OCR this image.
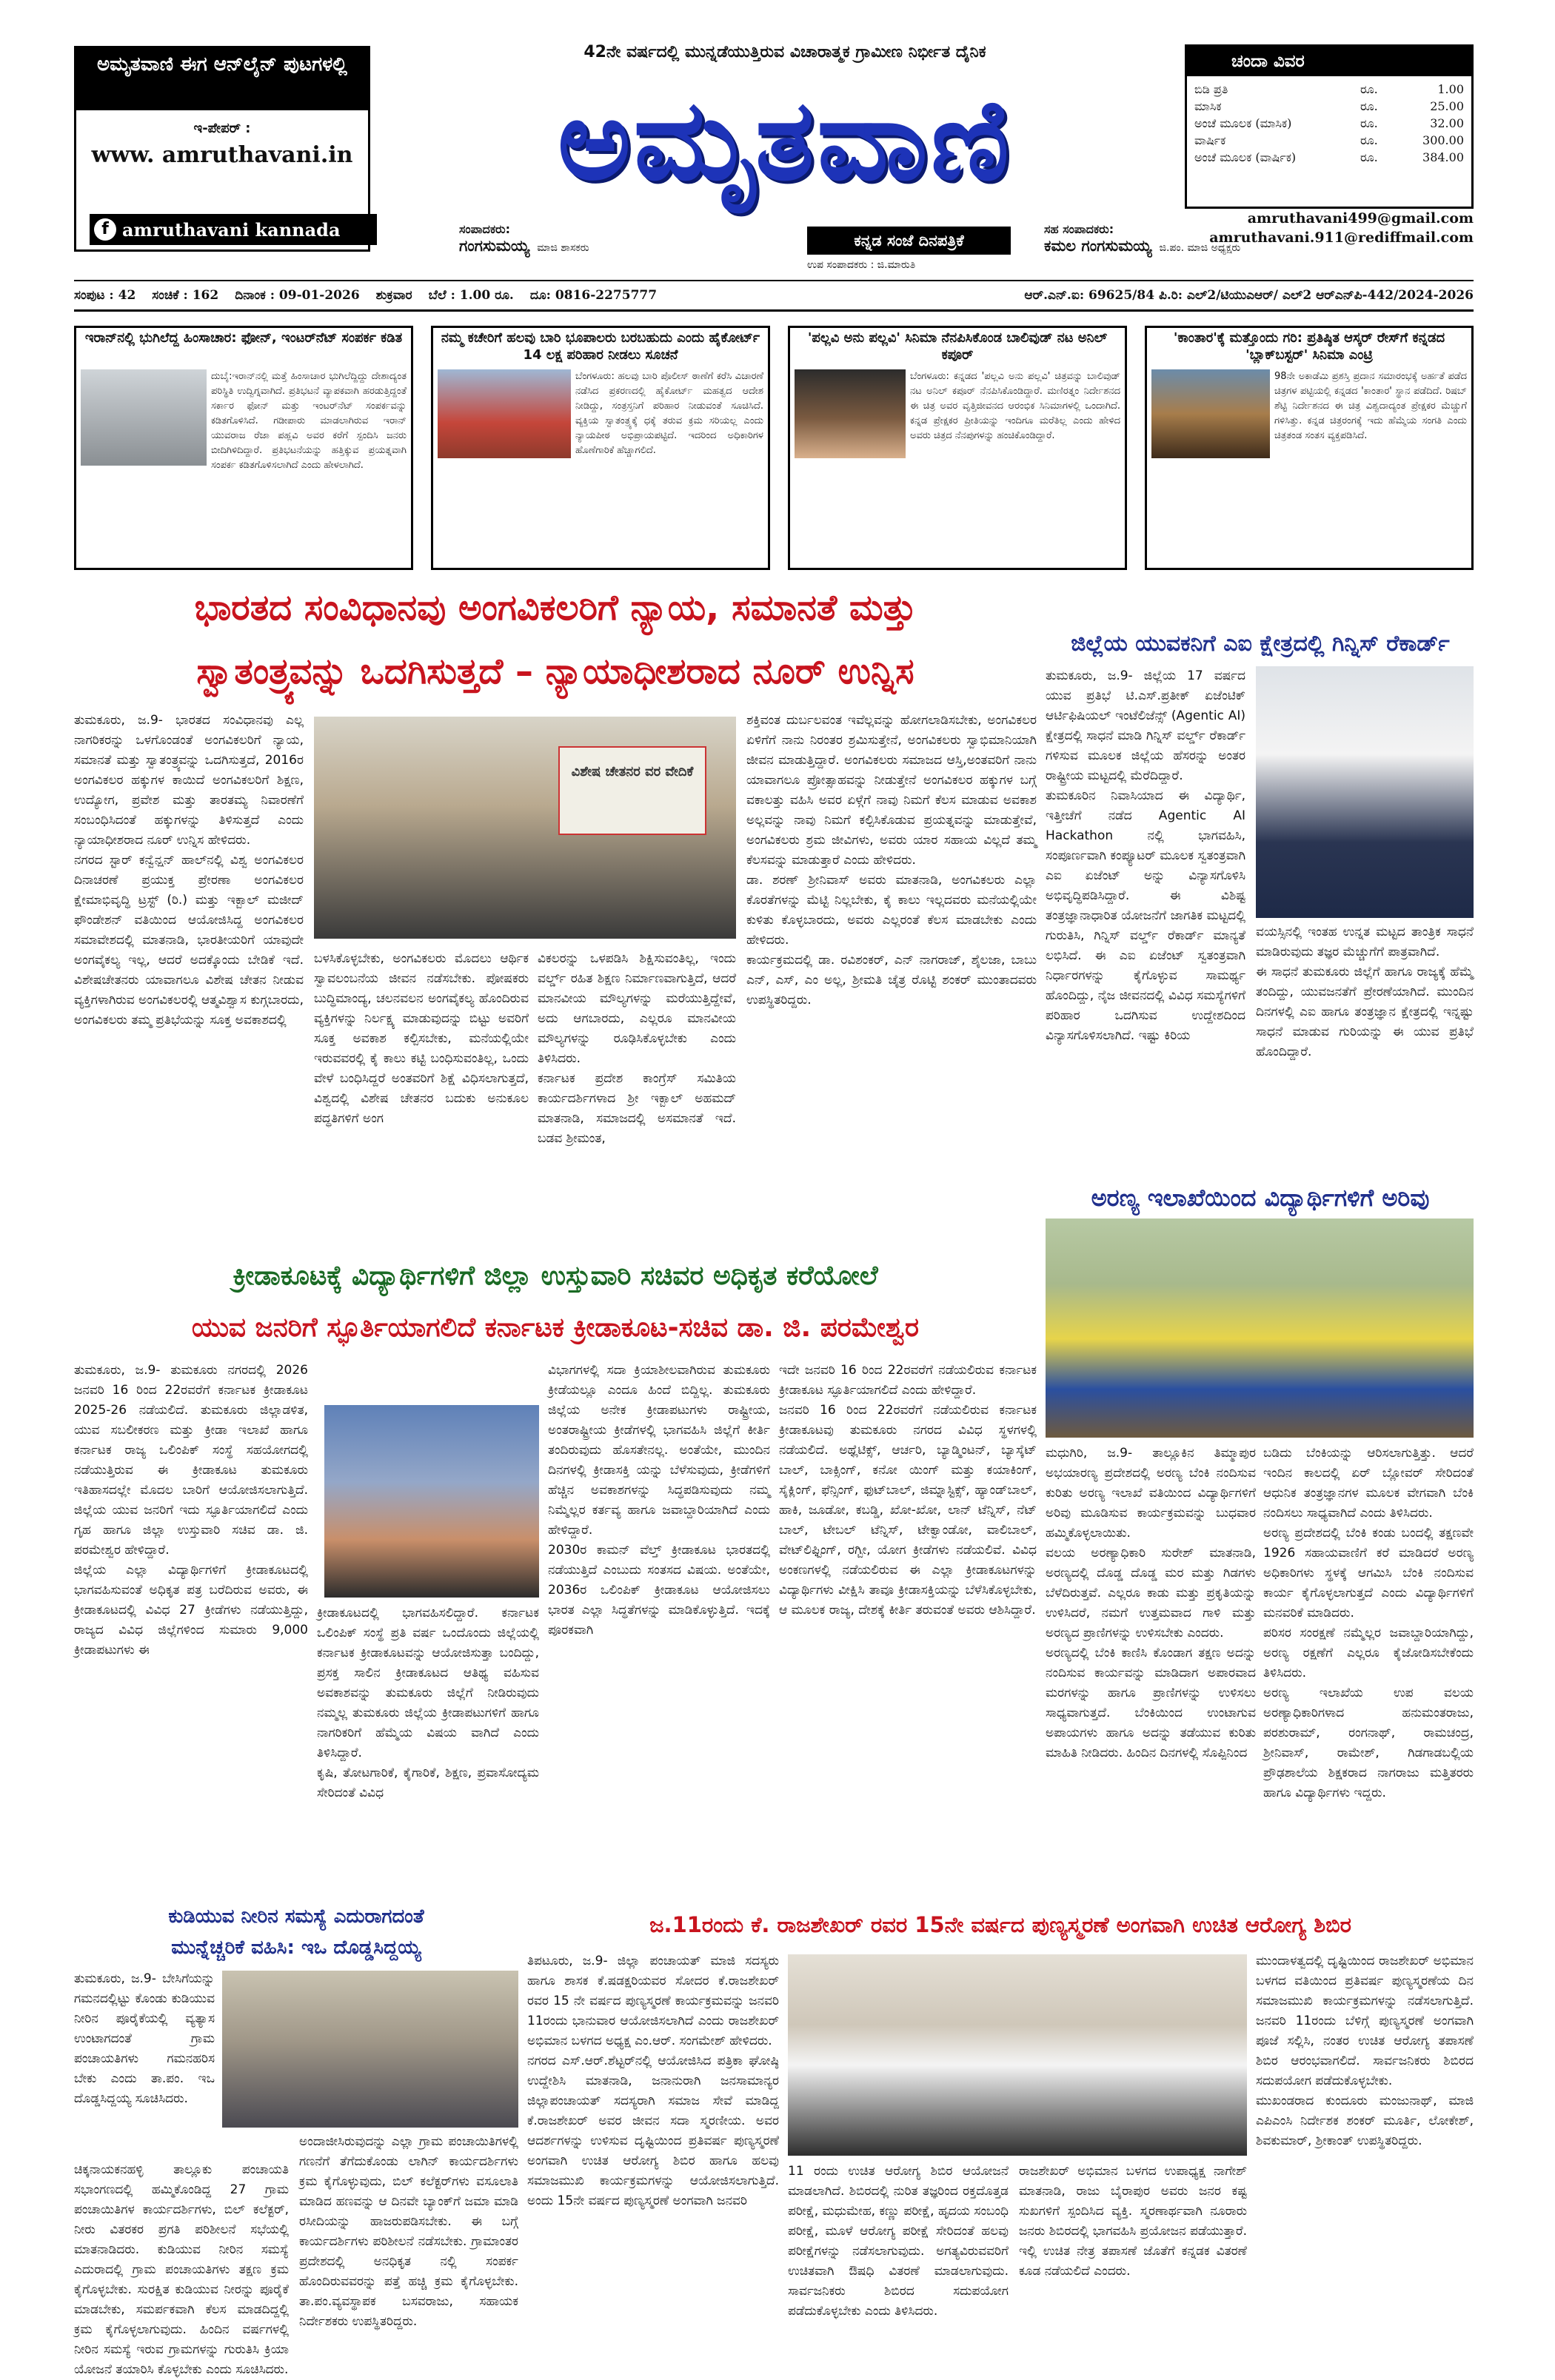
ಅಮೃತವಾಣಿ ಈಗ ಆನ್‌ಲೈನ್ ಪುಟಗಳಲ್ಲಿ
ಇ-ಪೇಪರ್ :
www. amruthavani.in
f amruthavani kannada
42ನೇ ವರ್ಷದಲ್ಲಿ ಮುನ್ನಡೆಯುತ್ತಿರುವ ವಿಚಾರಾತ್ಮಕ ಗ್ರಾಮೀಣ ನಿರ್ಭೀತ ದೈನಿಕ
ಅಮೃತವಾಣಿ
ಸಂಪಾದಕರು:
ಗಂಗಸುಮಯ್ಯ ಮಾಜಿ ಶಾಸಕರು	ಕನ್ನಡ ಸಂಜೆ ದಿನಪತ್ರಿಕೆ
ಉಪ ಸಂಪಾದಕರು : ಜಿ.ಮಾರುತಿ
ಸಹ ಸಂಪಾದಕರು:
ಕಮಲ ಗಂಗಸುಮಯ್ಯ ಜಿ.ಪಂ. ಮಾಜಿ ಅಧ್ಯಕ್ಷರು
ಚಂದಾ ವಿವರ
ಬಿಡಿ ಪ್ರತಿ	ರೂ.	1.00
ಮಾಸಿಕ	ರೂ.	25.00
ಅಂಚೆ ಮೂಲಕ (ಮಾಸಿಕ)	ರೂ.	32.00
ವಾರ್ಷಿಕ	ರೂ.	300.00
ಅಂಚೆ ಮೂಲಕ (ವಾರ್ಷಿಕ)	ರೂ.	384.00
amruthavani499@gmail.com
amruthavani.911@rediffmail.com
ಸಂಪುಟ : 42 ಸಂಚಿಕೆ : 162 ದಿನಾಂಕ : 09-01-2026 ಶುಕ್ರವಾರ ಬೆಲೆ : 1.00 ರೂ. ದೂ: 0816-2275777	ಆರ್.ಎನ್.ಐ: 69625/84 ಪಿ.ರಿ: ಎಲ್2/ಟಿಯುಎಆರ್/ ಎಲ್2 ಆರ್‌ಎನ್‌ಪಿ-442/2024-2026
ಇರಾನ್‌ನಲ್ಲಿ ಭುಗಿಲೆದ್ದ ಹಿಂಸಾಚಾರ: ಫೋನ್, ಇಂಟರ್‌ನೆಟ್ ಸಂಪರ್ಕ ಕಡಿತ
ದುಬೈ:ಇರಾನ್‌ನಲ್ಲಿ ಮತ್ತೆ ಹಿಂಸಾಚಾರ ಭುಗಿಲೆದ್ದಿದ್ದು ದೇಶಾದ್ಯಂತ ಪರಿಸ್ಥಿತಿ ಉದ್ವಿಗ್ನವಾಗಿದೆ. ಪ್ರತಿಭಟನೆ ವ್ಯಾಪಕವಾಗಿ ಹರಡುತ್ತಿದ್ದಂತೆ ಸರ್ಕಾರ ಫೋನ್ ಮತ್ತು ಇಂಟರ್‌ನೆಟ್ ಸಂಪರ್ಕವನ್ನು ಕಡಿತಗೊಳಿಸಿದೆ. ಗಡೀಪಾರು ಮಾಡಲಾಗಿರುವ ಇರಾನ್ ಯುವರಾಜ ರೆಜಾ ಪಹ್ಲವಿ ಅವರ ಕರೆಗೆ ಸ್ಪಂದಿಸಿ ಜನರು ಬೀದಿಗಿಳಿದಿದ್ದಾರೆ. ಪ್ರತಿಭಟನೆಯನ್ನು ಹತ್ತಿಕ್ಕುವ ಪ್ರಯತ್ನವಾಗಿ ಸಂಪರ್ಕ ಕಡಿತಗೊಳಿಸಲಾಗಿದೆ ಎಂದು ಹೇಳಲಾಗಿದೆ.
ನಮ್ಮ ಕಚೇರಿಗೆ ಹಲವು ಬಾರಿ ಭೂಪಾಲರು ಬರಬಹುದು ಎಂದು ಹೈಕೋರ್ಟ್ 14 ಲಕ್ಷ ಪರಿಹಾರ ನೀಡಲು ಸೂಚನೆ
ಬೆಂಗಳೂರು: ಹಲವು ಬಾರಿ ಪೊಲೀಸ್ ಠಾಣೆಗೆ ಕರೆಸಿ ವಿಚಾರಣೆ ನಡೆಸಿದ ಪ್ರಕರಣದಲ್ಲಿ ಹೈಕೋರ್ಟ್ ಮಹತ್ವದ ಆದೇಶ ನೀಡಿದ್ದು, ಸಂತ್ರಸ್ತನಿಗೆ ಪರಿಹಾರ ನೀಡುವಂತೆ ಸೂಚಿಸಿದೆ. ವ್ಯಕ್ತಿಯ ಸ್ವಾತಂತ್ರ್ಯಕ್ಕೆ ಧಕ್ಕೆ ತರುವ ಕ್ರಮ ಸರಿಯಲ್ಲ ಎಂದು ನ್ಯಾಯಪೀಠ ಅಭಿಪ್ರಾಯಪಟ್ಟಿದೆ. ಇದರಿಂದ ಅಧಿಕಾರಿಗಳ ಹೊಣೆಗಾರಿಕೆ ಹೆಚ್ಚಾಗಲಿದೆ.
'ಪಲ್ಲವಿ ಅನು ಪಲ್ಲವಿ' ಸಿನಿಮಾ ನೆನಪಿಸಿಕೊಂಡ ಬಾಲಿವುಡ್ ನಟ ಅನಿಲ್ ಕಪೂರ್
ಬೆಂಗಳೂರು: ಕನ್ನಡದ 'ಪಲ್ಲವಿ ಅನು ಪಲ್ಲವಿ' ಚಿತ್ರವನ್ನು ಬಾಲಿವುಡ್ ನಟ ಅನಿಲ್ ಕಪೂರ್ ನೆನಪಿಸಿಕೊಂಡಿದ್ದಾರೆ. ಮಣಿರತ್ನಂ ನಿರ್ದೇಶನದ ಈ ಚಿತ್ರ ಅವರ ವೃತ್ತಿಜೀವನದ ಆರಂಭಿಕ ಸಿನಿಮಾಗಳಲ್ಲಿ ಒಂದಾಗಿದೆ. ಕನ್ನಡ ಪ್ರೇಕ್ಷಕರ ಪ್ರೀತಿಯನ್ನು ಇಂದಿಗೂ ಮರೆತಿಲ್ಲ ಎಂದು ಹೇಳಿದ ಅವರು ಚಿತ್ರದ ನೆನಪುಗಳನ್ನು ಹಂಚಿಕೊಂಡಿದ್ದಾರೆ.
'ಕಾಂತಾರ'ಕ್ಕೆ ಮತ್ತೊಂದು ಗರಿ: ಪ್ರತಿಷ್ಠಿತ ಆಸ್ಕರ್ ರೇಸ್‌ಗೆ ಕನ್ನಡದ 'ಬ್ಲಾಕ್‌ಬಸ್ಟರ್' ಸಿನಿಮಾ ಎಂಟ್ರಿ
98ನೇ ಅಕಾಡೆಮಿ ಪ್ರಶಸ್ತಿ ಪ್ರದಾನ ಸಮಾರಂಭಕ್ಕೆ ಅರ್ಹತೆ ಪಡೆದ ಚಿತ್ರಗಳ ಪಟ್ಟಿಯಲ್ಲಿ ಕನ್ನಡದ 'ಕಾಂತಾರ' ಸ್ಥಾನ ಪಡೆದಿದೆ. ರಿಷಬ್ ಶೆಟ್ಟಿ ನಿರ್ದೇಶನದ ಈ ಚಿತ್ರ ವಿಶ್ವದಾದ್ಯಂತ ಪ್ರೇಕ್ಷಕರ ಮೆಚ್ಚುಗೆ ಗಳಿಸಿತ್ತು. ಕನ್ನಡ ಚಿತ್ರರಂಗಕ್ಕೆ ಇದು ಹೆಮ್ಮೆಯ ಸಂಗತಿ ಎಂದು ಚಿತ್ರತಂಡ ಸಂತಸ ವ್ಯಕ್ತಪಡಿಸಿದೆ.
ಭಾರತದ ಸಂವಿಧಾನವು ಅಂಗವಿಕಲರಿಗೆ ನ್ಯಾಯ, ಸಮಾನತೆ ಮತ್ತು
ಸ್ವಾತಂತ್ರ್ಯವನ್ನು ಒದಗಿಸುತ್ತದೆ – ನ್ಯಾಯಾಧೀಶರಾದ ನೂರ್ ಉನ್ನಿಸ

ತುಮಕೂರು, ಜ.9- ಭಾರತದ ಸಂವಿಧಾನವು ಎಲ್ಲ ನಾಗರಿಕರನ್ನು ಒಳಗೊಂಡಂತೆ ಅಂಗವಿಕಲರಿಗೆ ನ್ಯಾಯ, ಸಮಾನತೆ ಮತ್ತು ಸ್ವಾತಂತ್ರ್ಯವನ್ನು ಒದಗಿಸುತ್ತದೆ, 2016ರ ಅಂಗವಿಕಲರ ಹಕ್ಕುಗಳ ಕಾಯಿದೆ ಅಂಗವಿಕಲರಿಗೆ ಶಿಕ್ಷಣ, ಉದ್ಯೋಗ, ಪ್ರವೇಶ ಮತ್ತು ತಾರತಮ್ಯ ನಿವಾರಣೆಗೆ ಸಂಬಂಧಿಸಿದಂತೆ ಹಕ್ಕುಗಳನ್ನು ತಿಳಿಸುತ್ತದೆ ಎಂದು ನ್ಯಾಯಾಧೀಶರಾದ ನೂರ್ ಉನ್ನಿಸ ಹೇಳಿದರು.
ನಗರದ ಸ್ಟಾರ್ ಕನ್ವೆನ್ಷನ್ ಹಾಲ್‌ನಲ್ಲಿ ವಿಶ್ವ ಅಂಗವಿಕಲರ ದಿನಾಚರಣೆ ಪ್ರಯುಕ್ತ ಪ್ರೇರಣಾ ಅಂಗವಿಕಲರ ಕ್ಷೇಮಾಭಿವೃದ್ಧಿ ಟ್ರಸ್ಟ್ (ರಿ.) ಮತ್ತು ಇಕ್ಬಾಲ್ ಮಜೀದ್ ಫೌಂಡೇಶನ್ ವತಿಯಿಂದ ಆಯೋಜಿಸಿದ್ದ ಅಂಗವಿಕಲರ ಸಮಾವೇಶದಲ್ಲಿ ಮಾತನಾಡಿ, ಭಾರತೀಯರಿಗೆ ಯಾವುದೇ ಅಂಗವೈಕಲ್ಯ ಇಲ್ಲ, ಆದರೆ ಅದಕ್ಕೊಂದು ಬೇಡಿಕೆ ಇದೆ. ವಿಶೇಷಚೇತನರು ಯಾವಾಗಲೂ ವಿಶೇಷ ಚೇತನ ನೀಡುವ ವ್ಯಕ್ತಿಗಳಾಗಿರುವ ಅಂಗವಿಕಲರಲ್ಲಿ ಆತ್ಮವಿಶ್ವಾಸ ಕುಗ್ಗಬಾರದು, ಅಂಗವಿಕಲರು ತಮ್ಮ ಪ್ರತಿಭೆಯನ್ನು ಸೂಕ್ತ ಅವಕಾಶದಲ್ಲಿ

ವಿಶೇಷ ಚೇತನರ ವರ ವೇದಿಕೆ

ಬಳಸಿಕೊಳ್ಳಬೇಕು, ಅಂಗವಿಕಲರು ಮೊದಲು ಆರ್ಥಿಕ ಸ್ವಾವಲಂಬನೆಯ ಜೀವನ ನಡೆಸಬೇಕು. ಪೋಷಕರು ಬುದ್ಧಿಮಾಂದ್ಯ, ಚಲನವಲನ ಅಂಗವೈಕಲ್ಯ ಹೊಂದಿರುವ ವ್ಯಕ್ತಿಗಳನ್ನು ನಿರ್ಲಕ್ಷ್ಯ ಮಾಡುವುದನ್ನು ಬಿಟ್ಟು ಅವರಿಗೆ ಸೂಕ್ತ ಅವಕಾಶ ಕಲ್ಪಿಸಬೇಕು, ಮನೆಯಲ್ಲಿಯೇ ಇರುವವರಲ್ಲಿ ಕೈ ಕಾಲು ಕಟ್ಟಿ ಬಂಧಿಸುವಂತಿಲ್ಲ, ಒಂದು ವೇಳೆ ಬಂಧಿಸಿದ್ದರೆ ಅಂತವರಿಗೆ ಶಿಕ್ಷೆ ವಿಧಿಸಲಾಗುತ್ತದೆ, ವಿಶ್ವದಲ್ಲಿ ವಿಶೇಷ ಚೇತನರ ಬದುಕು ಅನುಕೂಲ ಪದ್ಧತಿಗಳಿಗೆ ಅಂಗ

ವಿಕಲರನ್ನು ಒಳಪಡಿಸಿ ಶಿಕ್ಷಿಸುವಂತಿಲ್ಲ, ಇಂದು ವರ್ಲ್ಡ್ ರಹಿತ ಶಿಕ್ಷಣ ನಿರ್ಮಾಣವಾಗುತ್ತಿದೆ, ಆದರೆ ಮಾನವೀಯ ಮೌಲ್ಯಗಳನ್ನು ಮರೆಯುತ್ತಿದ್ದೇವೆ, ಅದು ಆಗಬಾರದು, ಎಲ್ಲರೂ ಮಾನವೀಯ ಮೌಲ್ಯಗಳನ್ನು ರೂಢಿಸಿಕೊಳ್ಳಬೇಕು ಎಂದು ತಿಳಿಸಿದರು.
ಕರ್ನಾಟಕ ಪ್ರದೇಶ ಕಾಂಗ್ರೆಸ್ ಸಮಿತಿಯ ಕಾರ್ಯದರ್ಶಿಗಳಾದ ಶ್ರೀ ಇಕ್ಬಾಲ್ ಅಹಮದ್ ಮಾತನಾಡಿ, ಸಮಾಜದಲ್ಲಿ ಅಸಮಾನತೆ ಇದೆ. ಬಡವ ಶ್ರೀಮಂತ,

ಶಕ್ತಿವಂತ ದುರ್ಬಲವಂತ ಇವೆಲ್ಲವನ್ನು ಹೋಗಲಾಡಿಸಬೇಕು, ಅಂಗವಿಕಲರ ಏಳಿಗೆಗೆ ನಾನು ನಿರಂತರ ಶ್ರಮಿಸುತ್ತೇನೆ, ಅಂಗವಿಕಲರು ಸ್ವಾಭಿಮಾನಿಯಾಗಿ ಜೀವನ ಮಾಡುತ್ತಿದ್ದಾರೆ. ಅಂಗವಿಕಲರು ಸಮಾಜದ ಆಸ್ತಿ,ಅಂತವರಿಗೆ ನಾನು ಯಾವಾಗಲೂ ಪ್ರೋತ್ಸಾಹವನ್ನು ನೀಡುತ್ತೇನೆ ಅಂಗವಿಕಲರ ಹಕ್ಕುಗಳ ಬಗ್ಗೆ ವಕಾಲತ್ತು ವಹಿಸಿ ಅವರ ಏಳ್ಗೆಗೆ ನಾವು ನಿಮಗೆ ಕೆಲಸ ಮಾಡುವ ಅವಕಾಶ ಅಲ್ಲವನ್ನು ನಾವು ನಿಮಗೆ ಕಲ್ಪಿಸಿಕೊಡುವ ಪ್ರಯತ್ನವನ್ನು ಮಾಡುತ್ತೇವೆ, ಅಂಗವಿಕಲರು ಶ್ರಮ ಜೀವಿಗಳು, ಅವರು ಯಾರ ಸಹಾಯ ವಿಲ್ಲದೆ ತಮ್ಮ ಕೆಲಸವನ್ನು ಮಾಡುತ್ತಾರೆ ಎಂದು ಹೇಳಿದರು.
ಡಾ. ಶರಣ್ ಶ್ರೀನಿವಾಸ್ ಅವರು ಮಾತನಾಡಿ, ಅಂಗವಿಕಲರು ಎಲ್ಲಾ ಕೊರತೆಗಳನ್ನು ಮೆಟ್ಟಿ ನಿಲ್ಲಬೇಕು, ಕೈ ಕಾಲು ಇಲ್ಲದವರು ಮನೆಯಲ್ಲಿಯೇ ಕುಳಿತು ಕೊಳ್ಳಬಾರದು, ಅವರು ಎಲ್ಲರಂತೆ ಕೆಲಸ ಮಾಡಬೇಕು ಎಂದು ಹೇಳಿದರು.
ಕಾರ್ಯಕ್ರಮದಲ್ಲಿ ಡಾ. ರವಿಶಂಕರ್, ಎನ್ ನಾಗರಾಜ್, ಶೈಲಜಾ, ಬಾಬು ಎನ್, ಎಸ್, ಎಂ ಅಲ್ಲ, ಶ್ರೀಮತಿ ಚೈತ್ರ ರೊಟ್ಟಿ ಶಂಕರ್ ಮುಂತಾದವರು ಉಪಸ್ಥಿತರಿದ್ದರು.

ಜಿಲ್ಲೆಯ ಯುವಕನಿಗೆ ಎಐ ಕ್ಷೇತ್ರದಲ್ಲಿ ಗಿನ್ನಿಸ್ ರೆಕಾರ್ಡ್

ತುಮಕೂರು, ಜ.9- ಜಿಲ್ಲೆಯ 17 ವರ್ಷದ ಯುವ ಪ್ರತಿಭೆ ಟಿ.ಎಸ್.ಪ್ರತೀಕ್ ಏಜೆಂಟಿಕ್ ಆರ್ಟಿಫಿಷಿಯಲ್ ಇಂಟೆಲಿಜೆನ್ಸ್ (Agentic AI) ಕ್ಷೇತ್ರದಲ್ಲಿ ಸಾಧನೆ ಮಾಡಿ ಗಿನ್ನಿಸ್ ವರ್ಲ್ಡ್ ರೆಕಾರ್ಡ್ ಗಳಿಸುವ ಮೂಲಕ ಜಿಲ್ಲೆಯ ಹೆಸರನ್ನು ಅಂತರ ರಾಷ್ಟ್ರೀಯ ಮಟ್ಟದಲ್ಲಿ ಮೆರೆದಿದ್ದಾರೆ.
ತುಮಕೂರಿನ ನಿವಾಸಿಯಾದ ಈ ವಿದ್ಯಾರ್ಥಿ, ಇತ್ತೀಚೆಗೆ ನಡೆದ Agentic AI Hackathon ನಲ್ಲಿ ಭಾಗವಹಿಸಿ, ಸಂಪೂರ್ಣವಾಗಿ ಕಂಪ್ಯೂಟರ್ ಮೂಲಕ ಸ್ವತಂತ್ರವಾಗಿ ಎಐ ಏಜೆಂಟ್ ಅನ್ನು ವಿನ್ಯಾಸಗೊಳಿಸಿ ಅಭಿವೃದ್ಧಿಪಡಿಸಿದ್ದಾರೆ. ಈ ವಿಶಿಷ್ಟ ತಂತ್ರಜ್ಞಾನಾಧಾರಿತ ಯೋಜನೆಗೆ ಜಾಗತಿಕ ಮಟ್ಟದಲ್ಲಿ ಗುರುತಿಸಿ, ಗಿನ್ನಿಸ್ ವರ್ಲ್ಡ್ ರೆಕಾರ್ಡ್ ಮಾನ್ಯತೆ ಲಭಿಸಿದೆ. ಈ ಎಐ ಏಜೆಂಟ್ ಸ್ವತಂತ್ರವಾಗಿ ನಿರ್ಧಾರಗಳನ್ನು ಕೈಗೊಳ್ಳುವ ಸಾಮರ್ಥ್ಯ ಹೊಂದಿದ್ದು, ನೈಜ ಜೀವನದಲ್ಲಿ ವಿವಿಧ ಸಮಸ್ಯೆಗಳಿಗೆ ಪರಿಹಾರ ಒದಗಿಸುವ ಉದ್ದೇಶದಿಂದ ವಿನ್ಯಾಸಗೊಳಿಸಲಾಗಿದೆ. ಇಷ್ಟು ಕಿರಿಯ

ವಯಸ್ಸಿನಲ್ಲಿ ಇಂತಹ ಉನ್ನತ ಮಟ್ಟದ ತಾಂತ್ರಿಕ ಸಾಧನೆ ಮಾಡಿರುವುದು ತಜ್ಞರ ಮೆಚ್ಚುಗೆಗೆ ಪಾತ್ರವಾಗಿದೆ.
ಈ ಸಾಧನೆ ತುಮಕೂರು ಜಿಲ್ಲೆಗೆ ಹಾಗೂ ರಾಜ್ಯಕ್ಕೆ ಹೆಮ್ಮೆ ತಂದಿದ್ದು, ಯುವಜನತೆಗೆ ಪ್ರೇರಣೆಯಾಗಿದೆ. ಮುಂದಿನ ದಿನಗಳಲ್ಲಿ ಎಐ ಹಾಗೂ ತಂತ್ರಜ್ಞಾನ ಕ್ಷೇತ್ರದಲ್ಲಿ ಇನ್ನಷ್ಟು ಸಾಧನೆ ಮಾಡುವ ಗುರಿಯನ್ನು ಈ ಯುವ ಪ್ರತಿಭೆ ಹೊಂದಿದ್ದಾರೆ.

ಅರಣ್ಯ ಇಲಾಖೆಯಿಂದ ವಿದ್ಯಾರ್ಥಿಗಳಿಗೆ ಅರಿವು

ಮಧುಗಿರಿ, ಜ.9- ತಾಲ್ಲೂಕಿನ ತಿಮ್ಮಾಪುರ ಅಭಯಾರಣ್ಯ ಪ್ರದೇಶದಲ್ಲಿ ಅರಣ್ಯ ಬೆಂಕಿ ನಂದಿಸುವ ಕುರಿತು ಅರಣ್ಯ ಇಲಾಖೆ ವತಿಯಿಂದ ವಿದ್ಯಾರ್ಥಿಗಳಿಗೆ ಅರಿವು ಮೂಡಿಸುವ ಕಾರ್ಯಕ್ರಮವನ್ನು ಬುಧವಾರ ಹಮ್ಮಿಕೊಳ್ಳಲಾಯಿತು.
ವಲಯ ಅರಣ್ಯಾಧಿಕಾರಿ ಸುರೇಶ್ ಮಾತನಾಡಿ, ಅರಣ್ಯದಲ್ಲಿ ದೊಡ್ಡ ದೊಡ್ಡ ಮರ ಮತ್ತು ಗಿಡಗಳು ಬೆಳೆದಿರುತ್ತವೆ. ಎಲ್ಲರೂ ಕಾಡು ಮತ್ತು ಪ್ರಕೃತಿಯನ್ನು ಉಳಿಸಿದರೆ, ನಮಗೆ ಉತ್ತಮವಾದ ಗಾಳಿ ಮತ್ತು ಅರಣ್ಯದ ಪ್ರಾಣಿಗಳನ್ನು ಉಳಿಸಬೇಕು ಎಂದರು.
ಅರಣ್ಯದಲ್ಲಿ ಬೆಂಕಿ ಕಾಣಿಸಿ ಕೊಂಡಾಗ ತಕ್ಷಣ ಅದನ್ನು ನಂದಿಸುವ ಕಾರ್ಯವನ್ನು ಮಾಡಿದಾಗ ಅಪಾರವಾದ ಮರಗಳನ್ನು ಹಾಗೂ ಪ್ರಾಣಿಗಳನ್ನು ಉಳಿಸಲು ಸಾಧ್ಯವಾಗುತ್ತದೆ. ಬೆಂಕಿಯಿಂದ ಉಂಟಾಗುವ ಅಪಾಯಗಳು ಹಾಗೂ ಅದನ್ನು ತಡೆಯುವ ಕುರಿತು ಮಾಹಿತಿ ನೀಡಿದರು. ಹಿಂದಿನ ದಿನಗಳಲ್ಲಿ ಸೊಪ್ಪಿನಿಂದ

ಬಡಿದು ಬೆಂಕಿಯನ್ನು ಆರಿಸಲಾಗುತ್ತಿತ್ತು. ಆದರೆ ಇಂದಿನ ಕಾಲದಲ್ಲಿ ಏರ್ ಬ್ಲೋವರ್ ಸೇರಿದಂತೆ ಆಧುನಿಕ ತಂತ್ರಜ್ಞಾನಗಳ ಮೂಲಕ ವೇಗವಾಗಿ ಬೆಂಕಿ ನಂದಿಸಲು ಸಾಧ್ಯವಾಗಿದೆ ಎಂದು ತಿಳಿಸಿದರು.
ಅರಣ್ಯ ಪ್ರದೇಶದಲ್ಲಿ ಬೆಂಕಿ ಕಂಡು ಬಂದಲ್ಲಿ ತಕ್ಷಣವೇ 1926 ಸಹಾಯವಾಣಿಗೆ ಕರೆ ಮಾಡಿದರೆ ಅರಣ್ಯ ಅಧಿಕಾರಿಗಳು ಸ್ಥಳಕ್ಕೆ ಆಗಮಿಸಿ ಬೆಂಕಿ ನಂದಿಸುವ ಕಾರ್ಯ ಕೈಗೊಳ್ಳಲಾಗುತ್ತದೆ ಎಂದು ವಿದ್ಯಾರ್ಥಿಗಳಿಗೆ ಮನವರಿಕೆ ಮಾಡಿದರು.
ಪರಿಸರ ಸಂರಕ್ಷಣೆ ನಮ್ಮೆಲ್ಲರ ಜವಾಬ್ದಾರಿಯಾಗಿದ್ದು, ಅರಣ್ಯ ರಕ್ಷಣೆಗೆ ಎಲ್ಲರೂ ಕೈಜೋಡಿಸಬೇಕೆಂದು ತಿಳಿಸಿದರು.
ಅರಣ್ಯ ಇಲಾಖೆಯ ಉಪ ವಲಯ ಅರಣ್ಯಾಧಿಕಾರಿಗಳಾದ ಹನುಮಂತರಾಜು, ಪರಶುರಾಮ್, ರಂಗನಾಥ್, ರಾಮಚಂದ್ರ, ಶ್ರೀನಿವಾಸ್, ರಾಮೇಶ್, ಗಿಡಗಾಡಬಲ್ಲಿಯ ಪ್ರೌಢಶಾಲೆಯ ಶಿಕ್ಷಕರಾದ ನಾಗರಾಜು ಮತ್ತಿತರರು ಹಾಗೂ ವಿದ್ಯಾರ್ಥಿಗಳು ಇದ್ದರು.

ಕ್ರೀಡಾಕೂಟಕ್ಕೆ ವಿದ್ಯಾರ್ಥಿಗಳಿಗೆ ಜಿಲ್ಲಾ ಉಸ್ತುವಾರಿ ಸಚಿವರ ಅಧಿಕೃತ ಕರೆಯೋಲೆ
ಯುವ ಜನರಿಗೆ ಸ್ಫೂರ್ತಿಯಾಗಲಿದೆ ಕರ್ನಾಟಕ ಕ್ರೀಡಾಕೂಟ-ಸಚಿವ ಡಾ. ಜಿ. ಪರಮೇಶ್ವರ

ತುಮಕೂರು, ಜ.9- ತುಮಕೂರು ನಗರದಲ್ಲಿ 2026 ಜನವರಿ 16 ರಿಂದ 22ರವರೆಗೆ ಕರ್ನಾಟಕ ಕ್ರೀಡಾಕೂಟ 2025-26 ನಡೆಯಲಿದೆ. ತುಮಕೂರು ಜಿಲ್ಲಾಡಳಿತ, ಯುವ ಸಬಲೀಕರಣ ಮತ್ತು ಕ್ರೀಡಾ ಇಲಾಖೆ ಹಾಗೂ ಕರ್ನಾಟಕ ರಾಜ್ಯ ಒಲಿಂಪಿಕ್ ಸಂಸ್ಥೆ ಸಹಯೋಗದಲ್ಲಿ ನಡೆಯುತ್ತಿರುವ ಈ ಕ್ರೀಡಾಕೂಟ ತುಮಕೂರು ಇತಿಹಾಸದಲ್ಲೇ ಮೊದಲ ಬಾರಿಗೆ ಆಯೋಜಿಸಲಾಗುತ್ತಿದೆ. ಜಿಲ್ಲೆಯ ಯುವ ಜನರಿಗೆ ಇದು ಸ್ಫೂರ್ತಿಯಾಗಲಿದೆ ಎಂದು ಗೃಹ ಹಾಗೂ ಜಿಲ್ಲಾ ಉಸ್ತುವಾರಿ ಸಚಿವ ಡಾ. ಜಿ. ಪರಮೇಶ್ವರ ಹೇಳಿದ್ದಾರೆ.
ಜಿಲ್ಲೆಯ ಎಲ್ಲಾ ವಿದ್ಯಾರ್ಥಿಗಳಿಗೆ ಕ್ರೀಡಾಕೂಟದಲ್ಲಿ ಭಾಗವಹಿಸುವಂತೆ ಅಧಿಕೃತ ಪತ್ರ ಬರೆದಿರುವ ಅವರು, ಈ ಕ್ರೀಡಾಕೂಟದಲ್ಲಿ ವಿವಿಧ 27 ಕ್ರೀಡೆಗಳು ನಡೆಯುತ್ತಿದ್ದು, ರಾಜ್ಯದ ವಿವಿಧ ಜಿಲ್ಲೆಗಳಿಂದ ಸುಮಾರು 9,000 ಕ್ರೀಡಾಪಟುಗಳು ಈ

ಕ್ರೀಡಾಕೂಟದಲ್ಲಿ ಭಾಗವಹಿಸಲಿದ್ದಾರೆ. ಕರ್ನಾಟಕ ಒಲಿಂಪಿಕ್ ಸಂಸ್ಥೆ ಪ್ರತಿ ವರ್ಷ ಒಂದೊಂದು ಜಿಲ್ಲೆಯಲ್ಲಿ ಕರ್ನಾಟಕ ಕ್ರೀಡಾಕೂಟವನ್ನು ಆಯೋಜಿಸುತ್ತಾ ಬಂದಿದ್ದು, ಪ್ರಸಕ್ತ ಸಾಲಿನ ಕ್ರೀಡಾಕೂಟದ ಆತಿಥ್ಯ ವಹಿಸುವ ಅವಕಾಶವನ್ನು ತುಮಕೂರು ಜಿಲ್ಲೆಗೆ ನೀಡಿರುವುದು ನಮ್ಮಲ್ಲ ತುಮಕೂರು ಜಿಲ್ಲೆಯ ಕ್ರೀಡಾಪಟುಗಳಿಗೆ ಹಾಗೂ ನಾಗರಿಕರಿಗೆ ಹೆಮ್ಮೆಯ ವಿಷಯ ವಾಗಿದೆ ಎಂದು ತಿಳಿಸಿದ್ದಾರೆ.
ಕೃಷಿ, ತೋಟಗಾರಿಕೆ, ಕೈಗಾರಿಕೆ, ಶಿಕ್ಷಣ, ಪ್ರವಾಸೋದ್ಯಮ ಸೇರಿದಂತೆ ವಿವಿಧ

ವಿಭಾಗಗಳಲ್ಲಿ ಸದಾ ಕ್ರಿಯಾಶೀಲವಾಗಿರುವ ತುಮಕೂರು ಕ್ರೀಡೆಯಲ್ಲೂ ಎಂದೂ ಹಿಂದೆ ಬಿದ್ದಿಲ್ಲ. ತುಮಕೂರು ಜಿಲ್ಲೆಯ ಅನೇಕ ಕ್ರೀಡಾಪಟುಗಳು ರಾಷ್ಟ್ರೀಯ, ಅಂತರಾಷ್ಟ್ರೀಯ ಕ್ರೀಡೆಗಳಲ್ಲಿ ಭಾಗವಹಿಸಿ ಜಿಲ್ಲೆಗೆ ಕೀರ್ತಿ ತಂದಿರುವುದು ಹೊಸತೇನಲ್ಲ. ಅಂತೆಯೇ, ಮುಂದಿನ ದಿನಗಳಲ್ಲಿ ಕ್ರೀಡಾಸಕ್ತಿ ಯನ್ನು ಬೆಳೆಸುವುದು, ಕ್ರೀಡೆಗಳಿಗೆ ಹೆಚ್ಚಿನ ಅವಕಾಶಗಳನ್ನು ಸಿದ್ಧಪಡಿಸುವುದು ನಮ್ಮ ನಿಮ್ಮೆಲ್ಲರ ಕರ್ತವ್ಯ ಹಾಗೂ ಜವಾಬ್ದಾರಿಯಾಗಿದೆ ಎಂದು ಹೇಳಿದ್ದಾರೆ.
2030ರ ಕಾಮನ್ ವೆಲ್ತ್ ಕ್ರೀಡಾಕೂಟ ಭಾರತದಲ್ಲಿ ನಡೆಯುತ್ತಿದೆ ಎಂಬುದು ಸಂತಸದ ವಿಷಯ. ಅಂತೆಯೇ, 2036ರ ಒಲಿಂಪಿಕ್ ಕ್ರೀಡಾಕೂಟ ಆಯೋಜಿಸಲು ಭಾರತ ಎಲ್ಲಾ ಸಿದ್ಧತೆಗಳನ್ನು ಮಾಡಿಕೊಳ್ಳುತ್ತಿದೆ. ಇದಕ್ಕೆ ಪೂರಕವಾಗಿ

ಇದೇ ಜನವರಿ 16 ರಿಂದ 22ರವರೆಗೆ ನಡೆಯಲಿರುವ ಕರ್ನಾಟಕ ಕ್ರೀಡಾಕೂಟ ಸ್ಫೂರ್ತಿಯಾಗಲಿದೆ ಎಂದು ಹೇಳಿದ್ದಾರೆ.
ಜನವರಿ 16 ರಿಂದ 22ರವರೆಗೆ ನಡೆಯಲಿರುವ ಕರ್ನಾಟಕ ಕ್ರೀಡಾಕೂಟವು ತುಮಕೂರು ನಗರದ ವಿವಿಧ ಸ್ಥಳಗಳಲ್ಲಿ ನಡೆಯಲಿದೆ. ಅಥ್ಲೆಟಿಕ್ಸ್, ಆರ್ಚರಿ, ಬ್ಯಾಡ್ಮಿಂಟನ್, ಬ್ಯಾಸ್ಕೆಟ್ ಬಾಲ್, ಬಾಕ್ಸಿಂಗ್, ಕನೋ ಯಿಂಗ್ ಮತ್ತು ಕಯಾಕಿಂಗ್, ಸೈಕ್ಲಿಂಗ್, ಫೆನ್ಸಿಂಗ್, ಫುಟ್‌ಬಾಲ್, ಜಿಮ್ನಾಸ್ಟಿಕ್ಸ್, ಹ್ಯಾಂಡ್‌ಬಾಲ್, ಹಾಕಿ, ಜೂಡೋ, ಕಬಡ್ಡಿ, ಖೋ-ಖೋ, ಲಾನ್ ಟೆನ್ನಿಸ್, ನೆಟ್ ಬಾಲ್, ಟೇಬಲ್ ಟೆನ್ನಿಸ್, ಟೇಕ್ವಾಂಡೋ, ವಾಲಿಬಾಲ್, ವೇಟ್‌ಲಿಫ್ಟಿಂಗ್, ರಗ್ಬೀ, ಯೋಗ ಕ್ರೀಡೆಗಳು ನಡೆಯಲಿವೆ. ವಿವಿಧ ಅಂಕಣಗಳಲ್ಲಿ ನಡೆಯಲಿರುವ ಈ ಎಲ್ಲಾ ಕ್ರೀಡಾಕೂಟಗಳನ್ನು ವಿದ್ಯಾರ್ಥಿಗಳು ವೀಕ್ಷಿಸಿ ತಾವೂ ಕ್ರೀಡಾಸಕ್ತಿಯನ್ನು ಬೆಳೆಸಿಕೊಳ್ಳಬೇಕು, ಆ ಮೂಲಕ ರಾಜ್ಯ, ದೇಶಕ್ಕೆ ಕೀರ್ತಿ ತರುವಂತೆ ಅವರು ಆಶಿಸಿದ್ದಾರೆ.

ಕುಡಿಯುವ ನೀರಿನ ಸಮಸ್ಯೆ ಎದುರಾಗದಂತೆ
ಮುನ್ನೆಚ್ಚರಿಕೆ ವಹಿಸಿ: ಇಒ ದೊಡ್ಡಸಿದ್ದಯ್ಯ

ತುಮಕೂರು, ಜ.9- ಬೇಸಿಗೆಯನ್ನು ಗಮನದಲ್ಲಿಟ್ಟು ಕೊಂಡು ಕುಡಿಯುವ ನೀರಿನ ಪೂರೈಕೆಯಲ್ಲಿ ವ್ಯತ್ಯಾಸ ಉಂಟಾಗದಂತೆ ಗ್ರಾಮ ಪಂಚಾಯತಿಗಳು ಗಮನಹರಿಸ ಬೇಕು ಎಂದು ತಾ.ಪಂ. ಇಒ ದೊಡ್ಡಸಿದ್ದಯ್ಯ ಸೂಚಿಸಿದರು.

ಚಿಕ್ಕನಾಯಕನಹಳ್ಳಿ ತಾಲ್ಲೂಕು ಪಂಚಾಯತಿ ಸಭಾಂಗಣದಲ್ಲಿ ಹಮ್ಮಿಕೊಂಡಿದ್ದ 27 ಗ್ರಾಮ ಪಂಚಾಯಿತಿಗಳ ಕಾರ್ಯದರ್ಶಿಗಳು, ಬಿಲ್ ಕಲೆಕ್ಟರ್, ನೀರು ವಿತರಕರ ಪ್ರಗತಿ ಪರಿಶೀಲನೆ ಸಭೆಯಲ್ಲಿ ಮಾತನಾಡಿದರು. ಕುಡಿಯುವ ನೀರಿನ ಸಮಸ್ಯೆ ಎದುರಾದಲ್ಲಿ ಗ್ರಾಮ ಪಂಚಾಯತಿಗಳು ತಕ್ಷಣ ಕ್ರಮ ಕೈಗೊಳ್ಳಬೇಕು. ಸುರಕ್ಷಿತ ಕುಡಿಯುವ ನೀರನ್ನು ಪೂರೈಕೆ ಮಾಡಬೇಕು, ಸಮರ್ಪಕವಾಗಿ ಕೆಲಸ ಮಾಡದಿದ್ದಲ್ಲಿ ಕ್ರಮ ಕೈಗೊಳ್ಳಲಾಗುವುದು. ಹಿಂದಿನ ವರ್ಷಗಳಲ್ಲಿ ನೀರಿನ ಸಮಸ್ಯೆ ಇರುವ ಗ್ರಾಮಗಳನ್ನು ಗುರುತಿಸಿ ಕ್ರಿಯಾ ಯೋಜನೆ ತಯಾರಿಸಿ ಕೊಳ್ಳಬೇಕು ಎಂದು ಸೂಚಿಸಿದರು.

ಅಂದಾಜೀಸಿರುವುದನ್ನು ಎಲ್ಲಾ ಗ್ರಾಮ ಪಂಚಾಯಿತಿಗಳಲ್ಲಿ ಗಣನೆಗೆ ತೆಗೆದುಕೊಂಡು ಲಾಗಿನ್ ಕಾರ್ಯದರ್ಶಿಗಳು ಕ್ರಮ ಕೈಗೊಳ್ಳುವುದು, ಬಿಲ್ ಕಲೆಕ್ಟರ್‌ಗಳು ವಸೂಲಾತಿ ಮಾಡಿದ ಹಣವನ್ನು ಆ ದಿನವೇ ಬ್ಯಾಂಕ್‌ಗೆ ಜಮಾ ಮಾಡಿ ರಸೀದಿಯನ್ನು ಹಾಜರುಪಡಿಸಬೇಕು. ಈ ಬಗ್ಗೆ ಕಾರ್ಯದರ್ಶಿಗಳು ಪರಿಶೀಲನೆ ನಡೆಸಬೇಕು. ಗ್ರಾಮಾಂತರ ಪ್ರದೇಶದಲ್ಲಿ ಅನಧಿಕೃತ ನಲ್ಲಿ ಸಂಪರ್ಕ ಹೊಂದಿರುವವರನ್ನು ಪತ್ತೆ ಹಚ್ಚಿ ಕ್ರಮ ಕೈಗೊಳ್ಳಬೇಕು. ತಾ.ಪಂ.ವ್ಯವಸ್ಥಾಪಕ ಬಸವರಾಜು, ಸಹಾಯಕ ನಿರ್ದೇಶಕರು ಉಪಸ್ಥಿತರಿದ್ದರು.

ಜ.11ರಂದು ಕೆ. ರಾಜಶೇಖರ್ ರವರ 15ನೇ ವರ್ಷದ ಪುಣ್ಯಸ್ಮರಣೆ ಅಂಗವಾಗಿ ಉಚಿತ ಆರೋಗ್ಯ ಶಿಬಿರ

ತಿಪಟೂರು, ಜ.9- ಜಿಲ್ಲಾ ಪಂಚಾಯತ್ ಮಾಜಿ ಸದಸ್ಯರು ಹಾಗೂ ಶಾಸಕ ಕೆ.ಷಡಕ್ಷರಿಯವರ ಸೋದರ ಕೆ.ರಾಜಶೇಖರ್ ರವರ 15 ನೇ ವರ್ಷದ ಪುಣ್ಯಸ್ಮರಣೆ ಕಾರ್ಯಕ್ರಮವನ್ನು ಜನವರಿ 11ರಂದು ಭಾನುವಾರ ಆಯೋಜಿಸಲಾಗಿದೆ ಎಂದು ರಾಜಶೇಖರ್ ಅಭಿಮಾನ ಬಳಗದ ಅಧ್ಯಕ್ಷ ಎಂ.ಆರ್. ಸಂಗಮೇಶ್ ಹೇಳಿದರು.
ನಗರದ ಎಸ್.ಆರ್.ಶೆಟ್ಟರ್‌ನಲ್ಲಿ ಆಯೋಜಿಸಿದ ಪತ್ರಿಕಾ ಘೋಷ್ಠಿ ಉದ್ದೇಶಿಸಿ ಮಾತನಾಡಿ, ಜನಾನುರಾಗಿ ಜನಸಾಮಾನ್ಯರ ಜಿಲ್ಲಾಪಂಚಾಯತ್ ಸದಸ್ಯರಾಗಿ ಸಮಾಜ ಸೇವೆ ಮಾಡಿದ್ದ ಕೆ.ರಾಜಶೇಖರ್ ಅವರ ಜೀವನ ಸದಾ ಸ್ಮರಣೀಯ. ಅವರ ಆದರ್ಶಗಳನ್ನು ಉಳಿಸುವ ದೃಷ್ಟಿಯಿಂದ ಪ್ರತಿವರ್ಷ ಪುಣ್ಯಸ್ಮರಣೆ ಅಂಗವಾಗಿ ಉಚಿತ ಆರೋಗ್ಯ ಶಿಬಿರ ಹಾಗೂ ಹಲವು ಸಮಾಜಮುಖಿ ಕಾರ್ಯಕ್ರಮಗಳನ್ನು ಆಯೋಜಿಸಲಾಗುತ್ತಿದೆ. ಅಂದು 15ನೇ ವರ್ಷದ ಪುಣ್ಯಸ್ಮರಣೆ ಅಂಗವಾಗಿ ಜನವರಿ

11 ರಂದು ಉಚಿತ ಆರೋಗ್ಯ ಶಿಬಿರ ಆಯೋಜನೆ ಮಾಡಲಾಗಿದೆ. ಶಿಬಿರದಲ್ಲಿ ನುರಿತ ತಜ್ಞರಿಂದ ರಕ್ತದೊತ್ತಡ ಪರೀಕ್ಷೆ, ಮಧುಮೇಹ, ಕಣ್ಣು ಪರೀಕ್ಷೆ, ಹೃದಯ ಸಂಬಂಧಿ ಪರೀಕ್ಷೆ, ಮೂಳೆ ಆರೋಗ್ಯ ಪರೀಕ್ಷೆ ಸೇರಿದಂತೆ ಹಲವು ಪರೀಕ್ಷೆಗಳನ್ನು ನಡೆಸಲಾಗುವುದು. ಅಗತ್ಯವಿರುವವರಿಗೆ ಉಚಿತವಾಗಿ ಔಷಧಿ ವಿತರಣೆ ಮಾಡಲಾಗುವುದು. ಸಾರ್ವಜನಿಕರು ಶಿಬಿರದ ಸದುಪಯೋಗ ಪಡೆದುಕೊಳ್ಳಬೇಕು ಎಂದು ತಿಳಿಸಿದರು.

ರಾಜಶೇಖರ್ ಅಭಿಮಾನ ಬಳಗದ ಉಪಾಧ್ಯಕ್ಷ ನಾಗೇಶ್‌ ಮಾತನಾಡಿ, ರಾಜು ಬೈರಾಪುರ ಅವರು ಜನರ ಕಷ್ಟ ಸುಖಗಳಿಗೆ ಸ್ಪಂದಿಸಿದ ವ್ಯಕ್ತಿ. ಸ್ಮರಣಾರ್ಥವಾಗಿ ನೂರಾರು ಜನರು ಶಿಬಿರದಲ್ಲಿ ಭಾಗವಹಿಸಿ ಪ್ರಯೋಜನ ಪಡೆಯುತ್ತಾರೆ. ಇಲ್ಲಿ ಉಚಿತ ನೇತ್ರ ತಪಾಸಣೆ ಜೊತೆಗೆ ಕನ್ನಡಕ ವಿತರಣೆ ಕೂಡ ನಡೆಯಲಿದೆ ಎಂದರು.

ಮುಂದಾಳತ್ವದಲ್ಲಿ ದೃಷ್ಟಿಯಿಂದ ರಾಜಶೇಖರ್ ಅಭಿಮಾನ ಬಳಗದ ವತಿಯಿಂದ ಪ್ರತಿವರ್ಷ ಪುಣ್ಯಸ್ಮರಣೆಯ ದಿನ ಸಮಾಜಮುಖಿ ಕಾರ್ಯಕ್ರಮಗಳನ್ನು ನಡೆಸಲಾಗುತ್ತಿದೆ. ಜನವರಿ 11ರಂದು ಬೆಳಿಗ್ಗೆ ಪುಣ್ಯಸ್ಮರಣೆ ಅಂಗವಾಗಿ ಪೂಜೆ ಸಲ್ಲಿಸಿ, ನಂತರ ಉಚಿತ ಆರೋಗ್ಯ ತಪಾಸಣೆ ಶಿಬಿರ ಆರಂಭವಾಗಲಿದೆ. ಸಾರ್ವಜನಿಕರು ಶಿಬಿರದ ಸದುಪಯೋಗ ಪಡೆದುಕೊಳ್ಳಬೇಕು.
ಮುಖಂಡರಾದ ಕುಂದೂರು ಮಂಜುನಾಥ್, ಮಾಜಿ ಎಪಿಎಂಸಿ ನಿರ್ದೇಶಕ ಶಂಕರ್ ಮೂರ್ತಿ, ಲೋಕೇಶ್, ಶಿವಕುಮಾರ್, ಶ್ರೀಕಾಂತ್ ಉಪಸ್ಥಿತರಿದ್ದರು.
